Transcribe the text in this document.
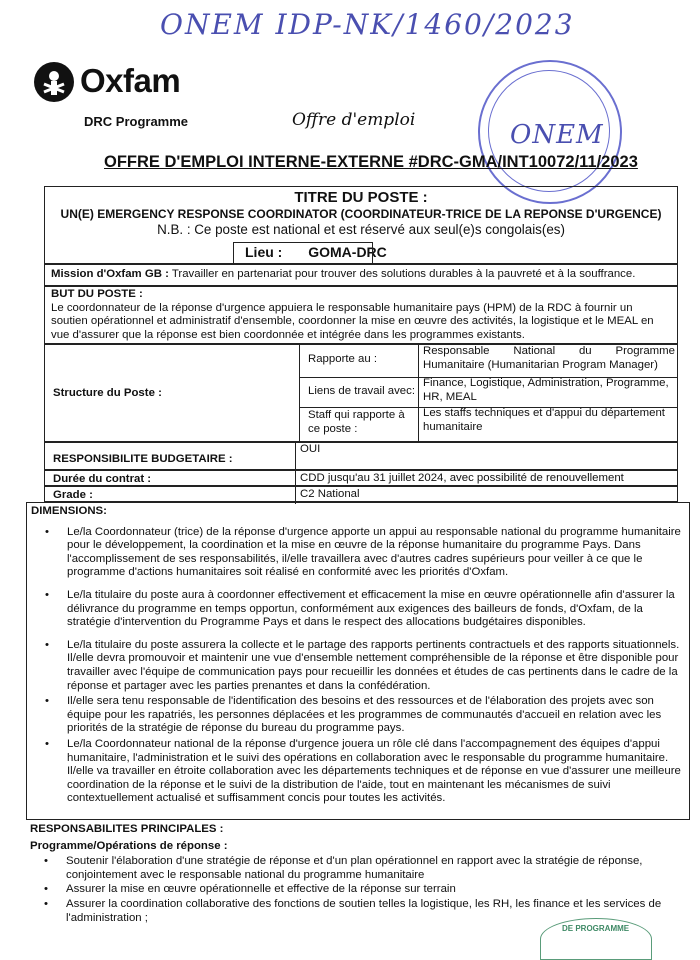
ONEM IDP-NK/1460/2023
Oxfam
DRC Programme	Offre d'emploi	ONEM
OFFRE D'EMPLOI INTERNE-EXTERNE #DRC-GMA/INT10072/11/2023
TITRE DU POSTE :
UN(E) EMERGENCY RESPONSE COORDINATOR (COORDINATEUR-TRICE DE LA REPONSE D'URGENCE)
N.B. : Ce poste est national et est réservé aux seul(e)s congolais(es)
Lieu : GOMA-DRC
Mission d'Oxfam GB : Travailler en partenariat pour trouver des solutions durables à la pauvreté et à la souffrance.
BUT DU POSTE :
Le coordonnateur de la réponse d'urgence appuiera le responsable humanitaire pays (HPM) de la RDC à fournir un soutien opérationnel et administratif d'ensemble, coordonner la mise en œuvre des activités, la logistique et le MEAL en vue d'assurer que la réponse est bien coordonnée et intégrée dans les programmes existants.
Structure du Poste :
Rapporte au :
Responsable National du Programme Humanitaire (Humanitarian Program Manager)
Liens de travail avec:
Finance, Logistique, Administration, Programme, HR, MEAL
Staff qui rapporte à ce poste :
Les staffs techniques et d'appui du département humanitaire
RESPONSIBILITE BUDGETAIRE :
OUI
Durée du contrat :	CDD jusqu'au 31 juillet 2024, avec possibilité de renouvellement
Grade :	C2 National
DIMENSIONS:
• Le/la Coordonnateur (trice) de la réponse d'urgence apporte un appui au responsable national du programme humanitaire pour le développement, la coordination et la mise en œuvre de la réponse humanitaire du programme Pays. Dans l'accomplissement de ses responsabilités, il/elle travaillera avec d'autres cadres supérieurs pour veiller à ce que le programme d'actions humanitaires soit réalisé en conformité avec les priorités d'Oxfam.
• Le/la titulaire du poste aura à coordonner effectivement et efficacement la mise en œuvre opérationnelle afin d'assurer la délivrance du programme en temps opportun, conformément aux exigences des bailleurs de fonds, d'Oxfam, de la stratégie d'intervention du Programme Pays et dans le respect des allocations budgétaires disponibles.
• Le/la titulaire du poste assurera la collecte et le partage des rapports pertinents contractuels et des rapports situationnels. Il/elle devra promouvoir et maintenir une vue d'ensemble nettement compréhensible de la réponse et être disponible pour travailler avec l'équipe de communication pays pour recueillir les données et études de cas pertinents dans le cadre de la réponse et partager avec les parties prenantes et dans la confédération.
• Il/elle sera tenu responsable de l'identification des besoins et des ressources et de l'élaboration des projets avec son équipe pour les rapatriés, les personnes déplacées et les programmes de communautés d'accueil en relation avec les priorités de la stratégie de réponse du bureau du programme pays.
• Le/la Coordonnateur national de la réponse d'urgence jouera un rôle clé dans l'accompagnement des équipes d'appui humanitaire, l'administration et le suivi des opérations en collaboration avec le responsable du programme humanitaire. Il/elle va travailler en étroite collaboration avec les départements techniques et de réponse en vue d'assurer une meilleure coordination de la réponse et le suivi de la distribution de l'aide, tout en maintenant les mécanismes de suivi contextuellement actualisé et suffisamment concis pour toutes les activités.
RESPONSABILITES PRINCIPALES :
Programme/Opérations de réponse :
• Soutenir l'élaboration d'une stratégie de réponse et d'un plan opérationnel en rapport avec la stratégie de réponse, conjointement avec le responsable national du programme humanitaire
• Assurer la mise en œuvre opérationnelle et effective de la réponse sur terrain
• Assurer la coordination collaborative des fonctions de soutien telles la logistique, les RH, les finance et les services de l'administration ;
DE PROGRAMME
